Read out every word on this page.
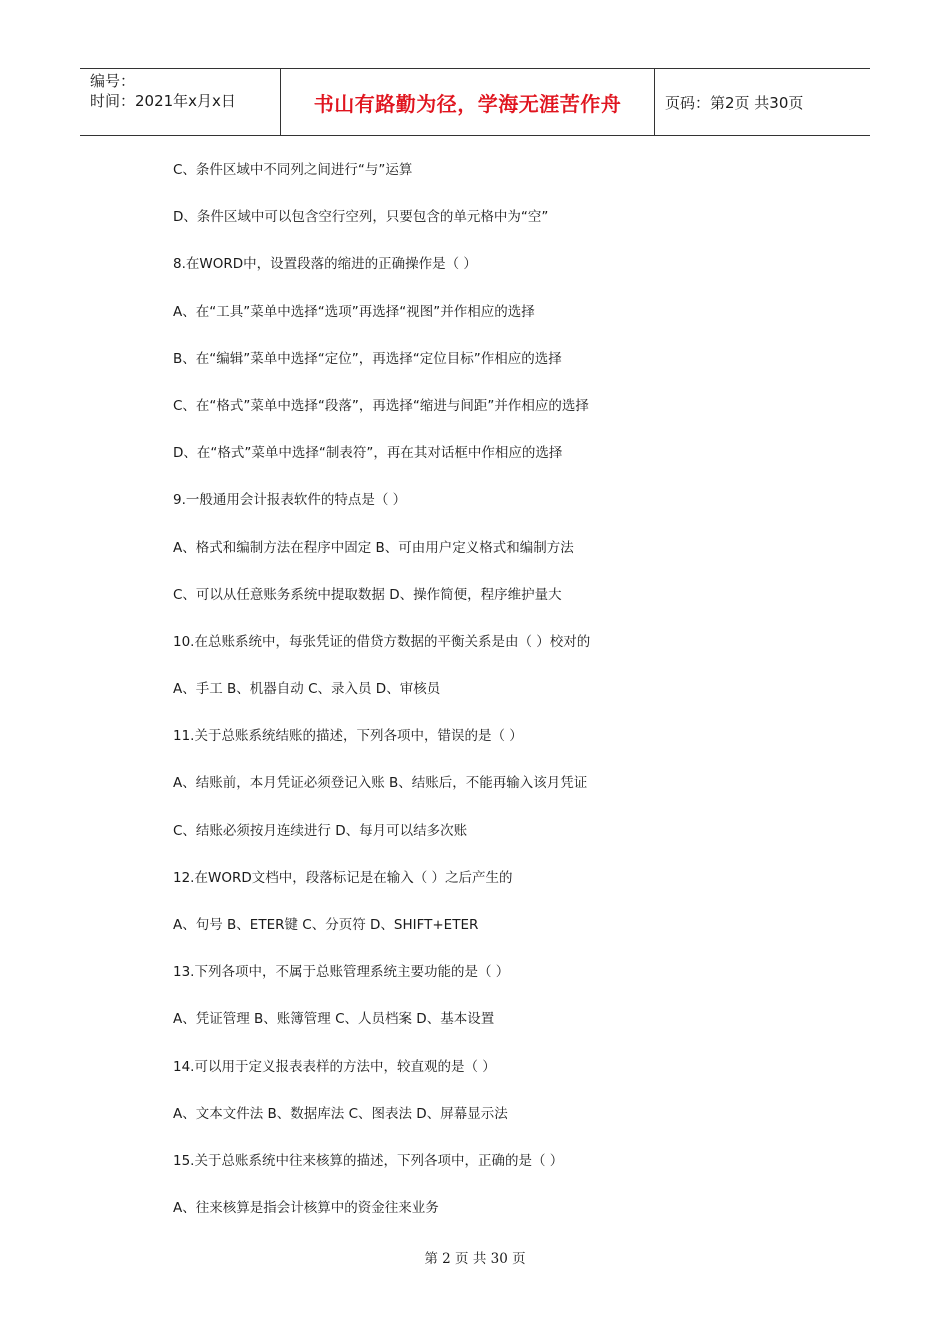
编号：
时间：2021年x月x日	书山有路勤为径，学海无涯苦作舟	页码：第2页 共30页
C、条件区域中不同列之间进行“与”运算
D、条件区域中可以包含空行空列，只要包含的单元格中为“空”
8.在WORD中，设置段落的缩进的正确操作是（ ）
A、在“工具”菜单中选择“选项”再选择“视图”并作相应的选择
B、在“编辑”菜单中选择“定位”，再选择“定位目标”作相应的选择
C、在“格式”菜单中选择“段落”，再选择“缩进与间距”并作相应的选择
D、在“格式”菜单中选择“制表符”，再在其对话框中作相应的选择
9.一般通用会计报表软件的特点是（ ）
A、格式和编制方法在程序中固定 B、可由用户定义格式和编制方法
C、可以从任意账务系统中提取数据 D、操作简便，程序维护量大
10.在总账系统中，每张凭证的借贷方数据的平衡关系是由（ ）校对的
A、手工 B、机器自动 C、录入员 D、审核员
11.关于总账系统结账的描述，下列各项中，错误的是（ ）
A、结账前，本月凭证必须登记入账 B、结账后，不能再输入该月凭证
C、结账必须按月连续进行 D、每月可以结多次账
12.在WORD文档中，段落标记是在输入（ ）之后产生的
A、句号 B、ETER键 C、分页符 D、SHIFT+ETER
13.下列各项中，不属于总账管理系统主要功能的是（ ）
A、凭证管理 B、账簿管理 C、人员档案 D、基本设置
14.可以用于定义报表表样的方法中，较直观的是（ ）
A、文本文件法 B、数据库法 C、图表法 D、屏幕显示法
15.关于总账系统中往来核算的描述，下列各项中，正确的是（ ）
A、往来核算是指会计核算中的资金往来业务
第 2 页 共 30 页
